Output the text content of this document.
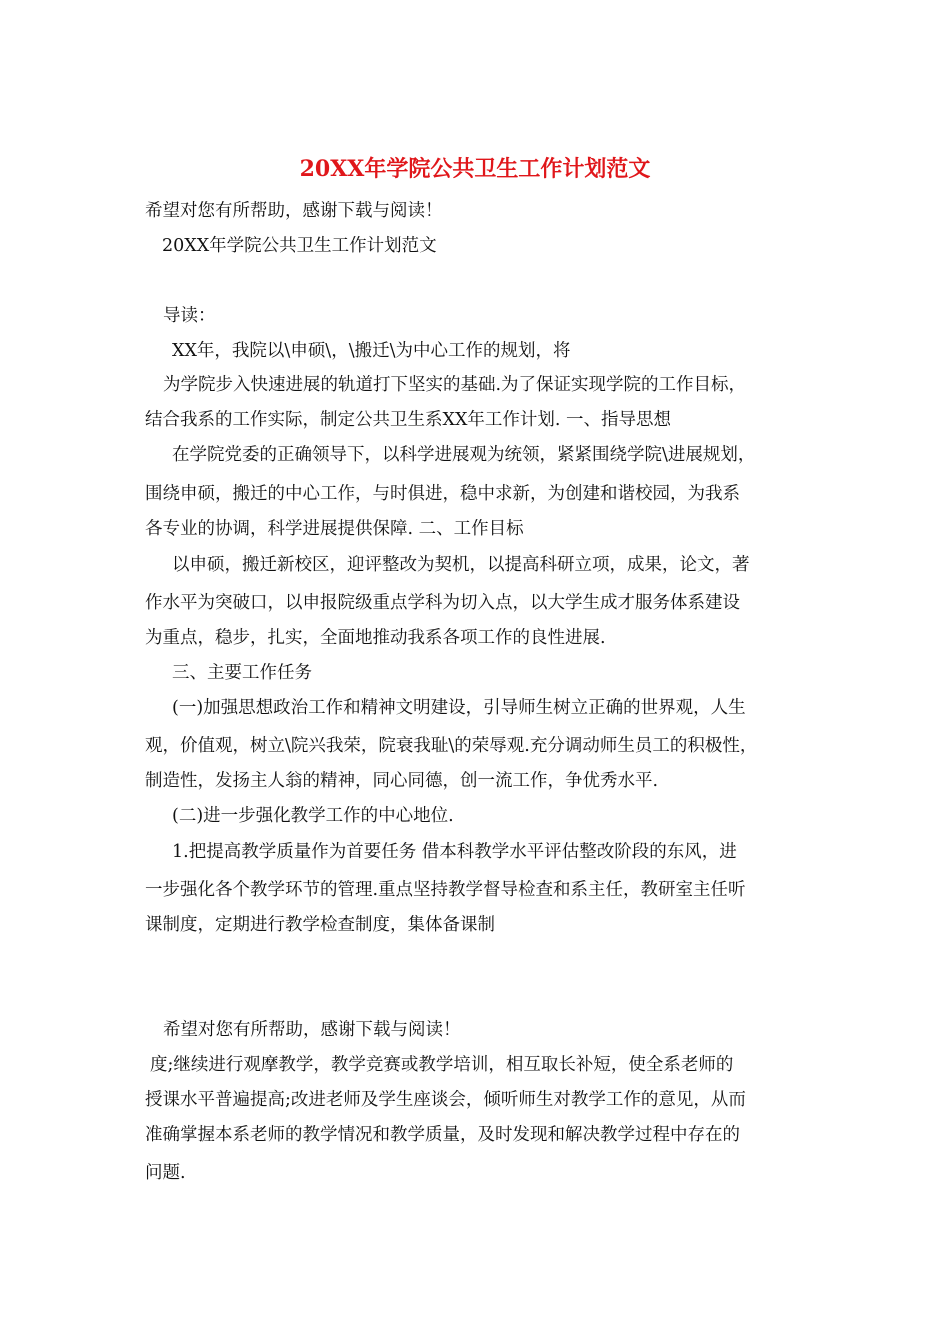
20XX年学院公共卫生工作计划范文
希望对您有所帮助，感谢下载与阅读！
20XX年学院公共卫生工作计划范文
导读：
XX年，我院以\申硕\，\搬迁\为中心工作的规划，将
为学院步入快速进展的轨道打下坚实的基础.为了保证实现学院的工作目标，
结合我系的工作实际，制定公共卫生系XX年工作计划. 一、指导思想
在学院党委的正确领导下，以科学进展观为统领，紧紧围绕学院\进展规划，
围绕申硕，搬迁的中心工作，与时俱进，稳中求新，为创建和谐校园，为我系
各专业的协调，科学进展提供保障. 二、工作目标
以申硕，搬迁新校区，迎评整改为契机，以提高科研立项，成果，论文，著
作水平为突破口，以申报院级重点学科为切入点，以大学生成才服务体系建设
为重点，稳步，扎实，全面地推动我系各项工作的良性进展.
三、主要工作任务
(一)加强思想政治工作和精神文明建设，引导师生树立正确的世界观，人生
观，价值观，树立\院兴我荣，院衰我耻\的荣辱观.充分调动师生员工的积极性，
制造性，发扬主人翁的精神，同心同德，创一流工作，争优秀水平.
(二)进一步强化教学工作的中心地位.
1.把提高教学质量作为首要任务 借本科教学水平评估整改阶段的东风，进
一步强化各个教学环节的管理.重点坚持教学督导检查和系主任，教研室主任听
课制度，定期进行教学检查制度，集体备课制
希望对您有所帮助，感谢下载与阅读！
度;继续进行观摩教学，教学竞赛或教学培训，相互取长补短，使全系老师的
授课水平普遍提高;改进老师及学生座谈会，倾听师生对教学工作的意见，从而
准确掌握本系老师的教学情况和教学质量，及时发现和解决教学过程中存在的
问题.
